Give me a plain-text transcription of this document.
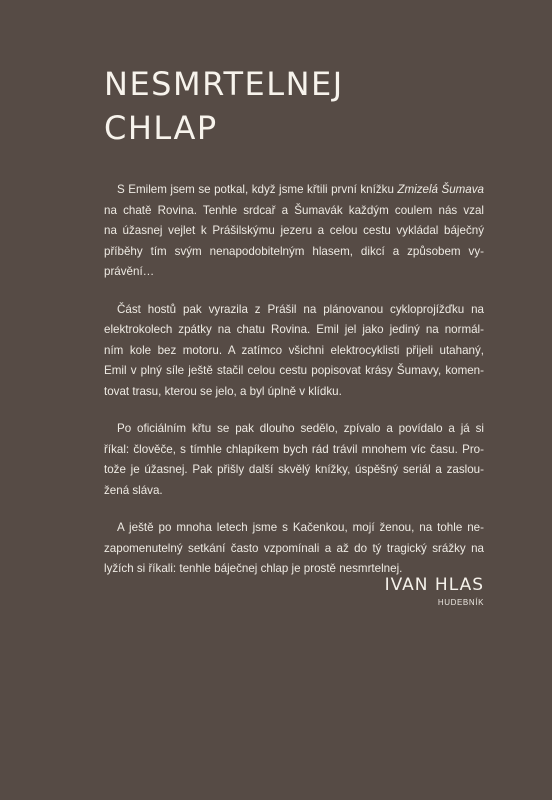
NESMRTELNEJ
CHLAP

S Emilem jsem se potkal, když jsme křtili první knížku Zmizelá Šumava
na chatě Rovina. Tenhle srdcař a Šumavák každým coulem nás vzal
na úžasnej vejlet k Prášilskýmu jezeru a celou cestu vykládal báječný
příběhy tím svým nenapodobitelným hlasem, dikcí a způsobem vy-
právění…

Část hostů pak vyrazila z Prášil na plánovanou cykloprojížďku na
elektrokolech zpátky na chatu Rovina. Emil jel jako jediný na normál-
ním kole bez motoru. A zatímco všichni elektrocyklisti přijeli utahaný,
Emil v plný síle ještě stačil celou cestu popisovat krásy Šumavy, komen-
tovat trasu, kterou se jelo, a byl úplně v klídku.

Po oficiálním křtu se pak dlouho sedělo, zpívalo a povídalo a já si
říkal: člověče, s tímhle chlapíkem bych rád trávil mnohem víc času. Pro-
tože je úžasnej. Pak přišly další skvělý knížky, úspěšný seriál a zaslou-
žená sláva.

A ještě po mnoha letech jsme s Kačenkou, mojí ženou, na tohle ne-
zapomenutelný setkání často vzpomínali a až do tý tragický srážky na
lyžích si říkali: tenhle báječnej chlap je prostě nesmrtelnej.

IVAN HLAS
HUDEBNÍK
